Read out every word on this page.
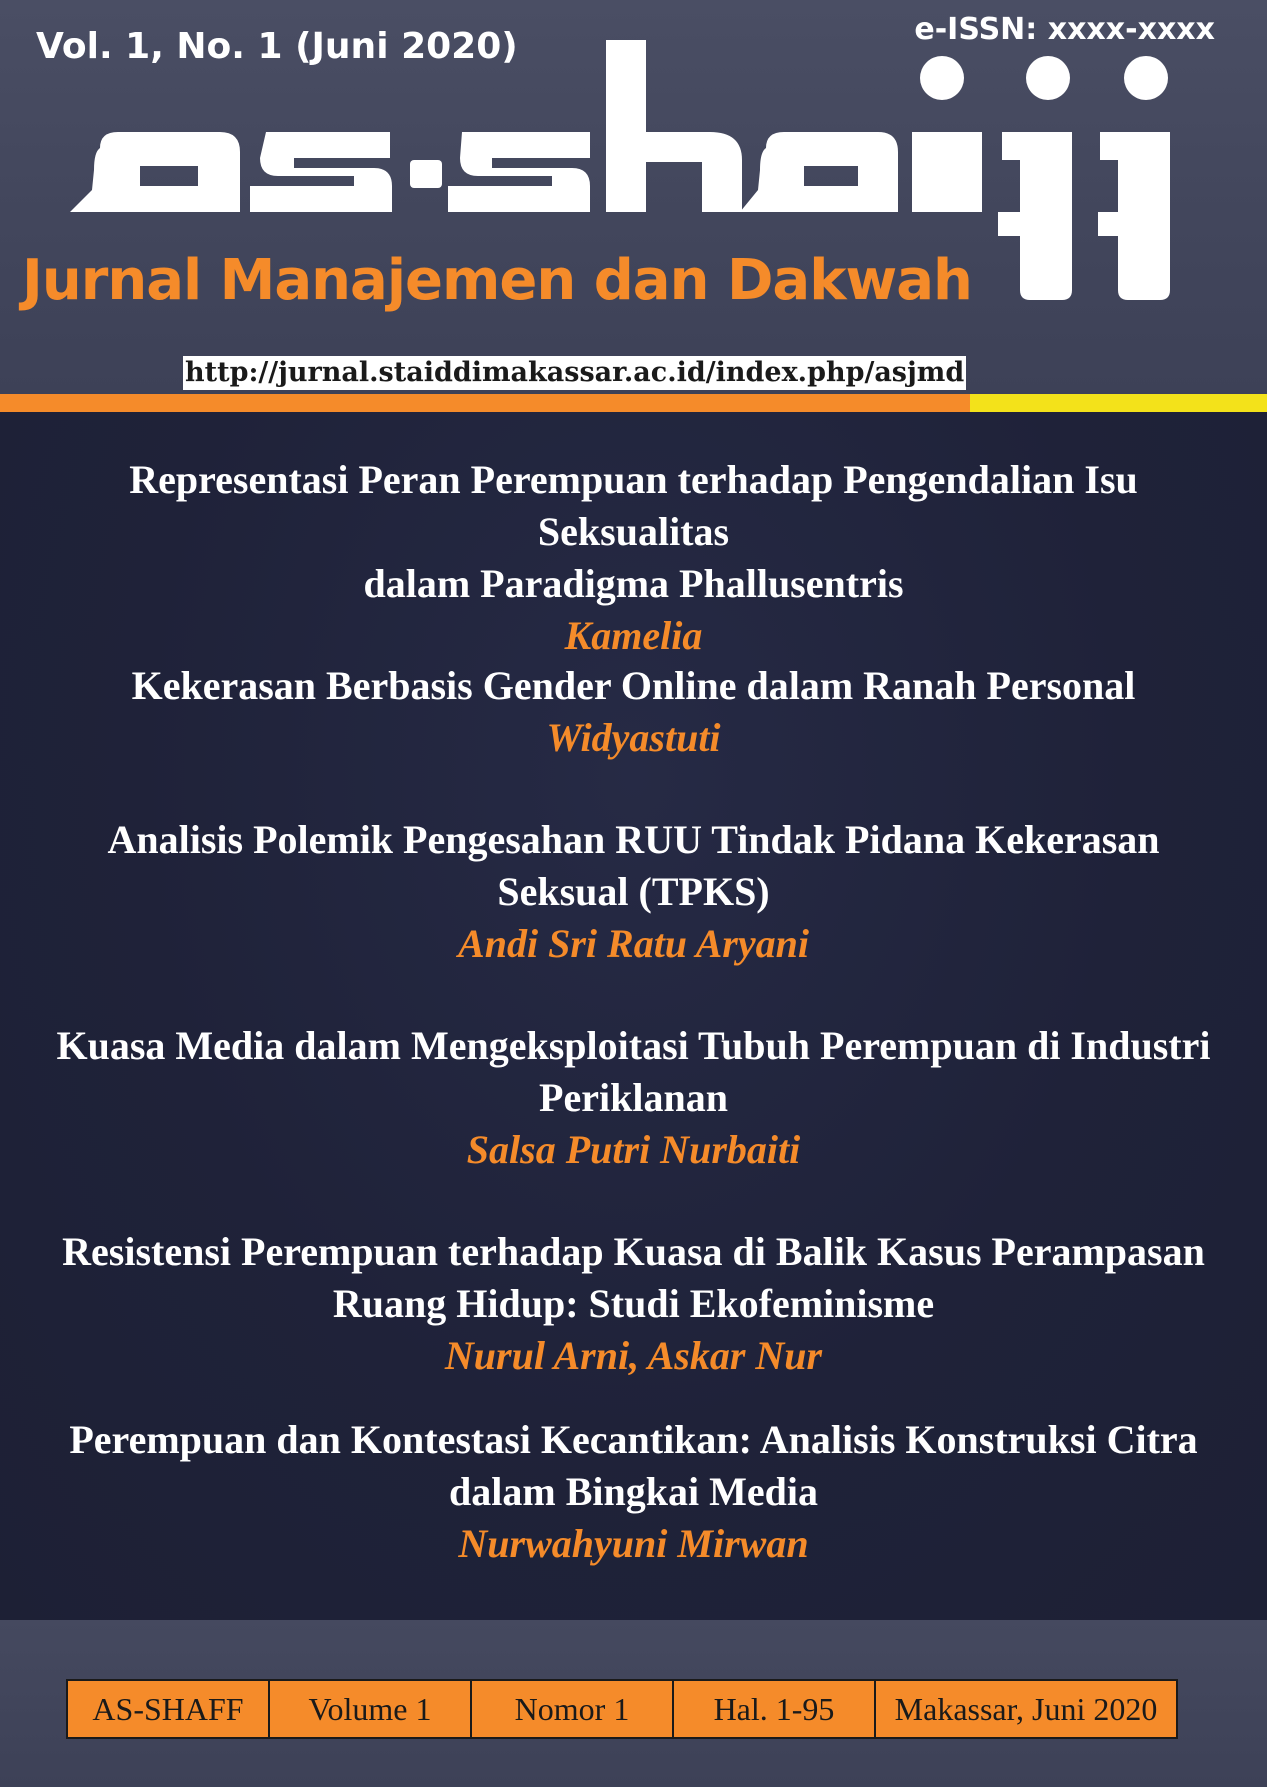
Vol. 1, No. 1 (Juni 2020)	e-ISSN: xxxx-xxxx
Jurnal Manajemen dan Dakwah
http://jurnal.staiddimakassar.ac.id/index.php/asjmd
Representasi Peran Perempuan terhadap Pengendalian Isu Seksualitas
dalam Paradigma Phallusentris
Kamelia
Kekerasan Berbasis Gender Online dalam Ranah Personal
Widyastuti
Analisis Polemik Pengesahan RUU Tindak Pidana Kekerasan
Seksual (TPKS)
Andi Sri Ratu Aryani
Kuasa Media dalam Mengeksploitasi Tubuh Perempuan di Industri
Periklanan
Salsa Putri Nurbaiti
Resistensi Perempuan terhadap Kuasa di Balik Kasus Perampasan
Ruang Hidup: Studi Ekofeminisme
Nurul Arni, Askar Nur
Perempuan dan Kontestasi Kecantikan: Analisis Konstruksi Citra
dalam Bingkai Media
Nurwahyuni Mirwan
AS-SHAFF	Volume 1	Nomor 1	Hal. 1-95	Makassar, Juni 2020
